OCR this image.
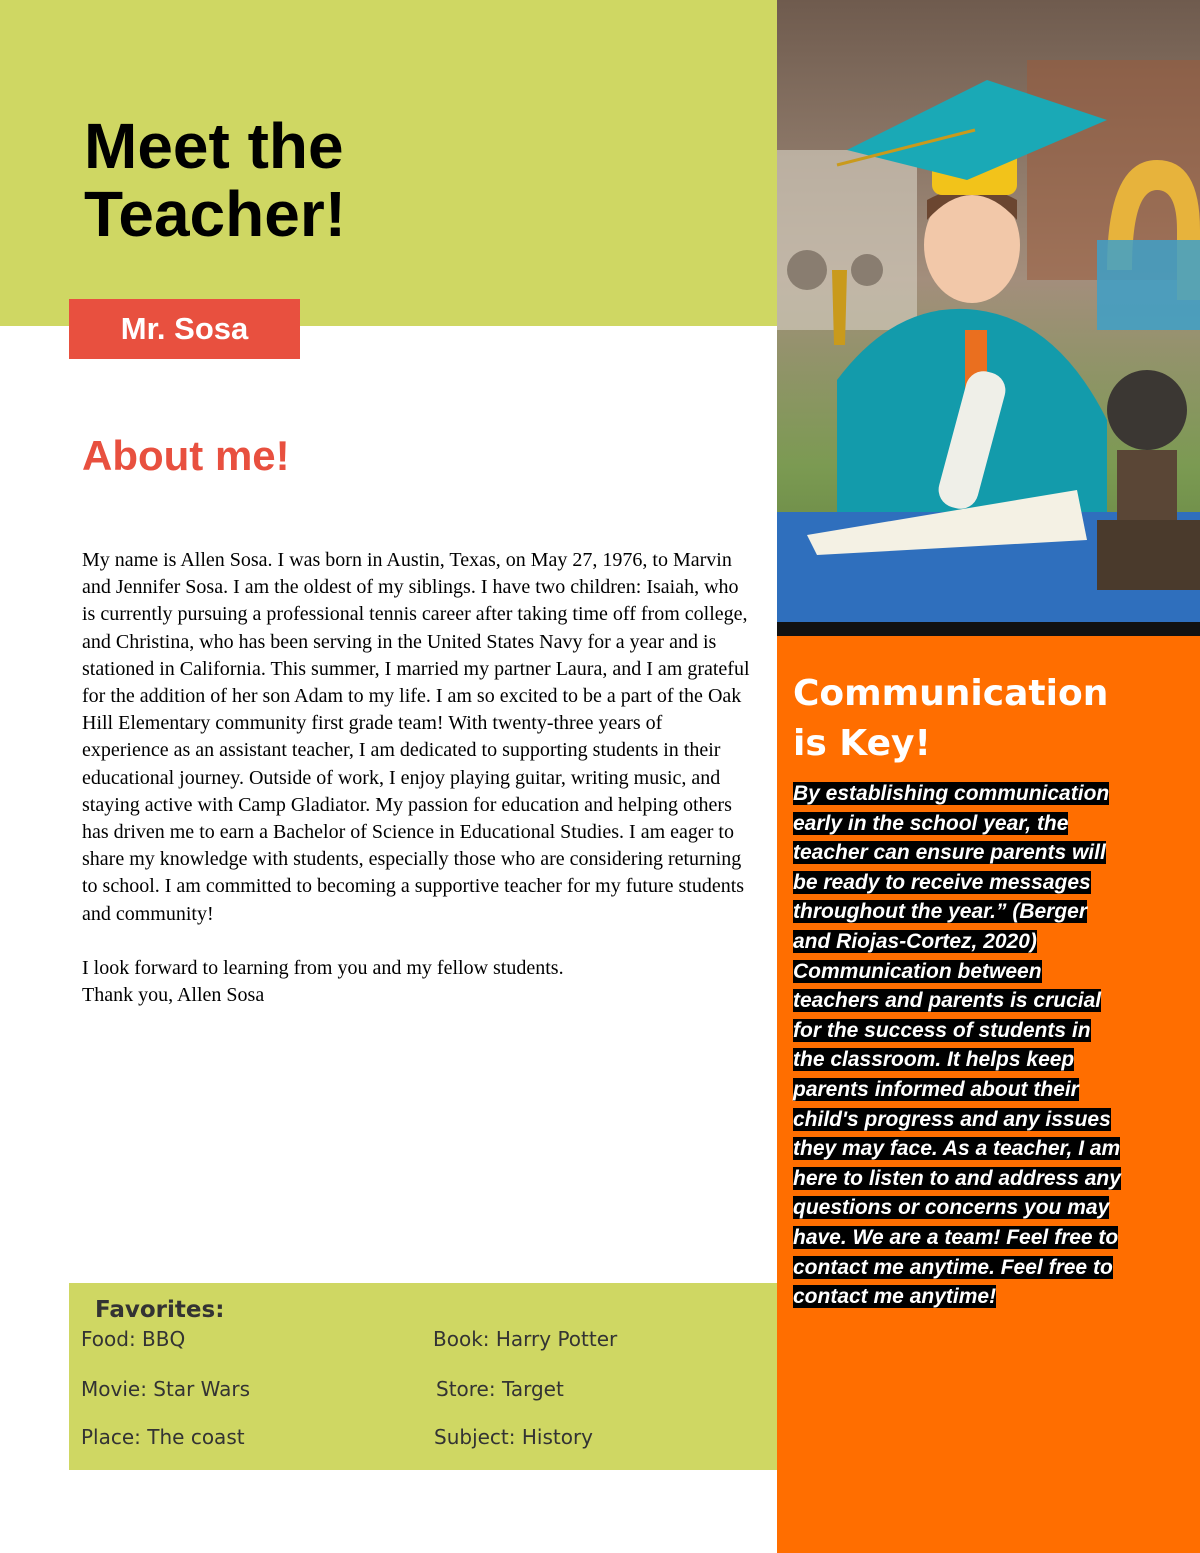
Meet the
Teacher!
Mr. Sosa
About me!

My name is Allen Sosa. I was born in Austin, Texas, on May 27, 1976, to Marvin and Jennifer Sosa. I am the oldest of my siblings. I have two children: Isaiah, who is currently pursuing a professional tennis career after taking time off from college, and Christina, who has been serving in the United States Navy for a year and is stationed in California. This summer, I married my partner Laura, and I am grateful for the addition of her son Adam to my life. I am so excited to be a part of the Oak Hill Elementary community first grade team! With twenty-three years of experience as an assistant teacher, I am dedicated to supporting students in their educational journey. Outside of work, I enjoy playing guitar, writing music, and staying active with Camp Gladiator. My passion for education and helping others has driven me to earn a Bachelor of Science in Educational Studies. I am eager to share my knowledge with students, especially those who are considering returning to school. I am committed to becoming a supportive teacher for my future students and community!

I look forward to learning from you and my fellow students.
Thank you, Allen Sosa

Favorites:
Food: BBQ	Book: Harry Potter
Movie: Star Wars	Store: Target
Place: The coast	Subject: History
Communication
is Key!

By establishing communication early in the school year, the teacher can ensure parents will be ready to receive messages throughout the year.” (Berger and Riojas-Cortez, 2020) Communication between teachers and parents is crucial for the success of students in the classroom. It helps keep parents informed about their child's progress and any issues they may face. As a teacher, I am here to listen to and address any questions or concerns you may have. We are a team! Feel free to contact me anytime. Feel free to contact me anytime!
